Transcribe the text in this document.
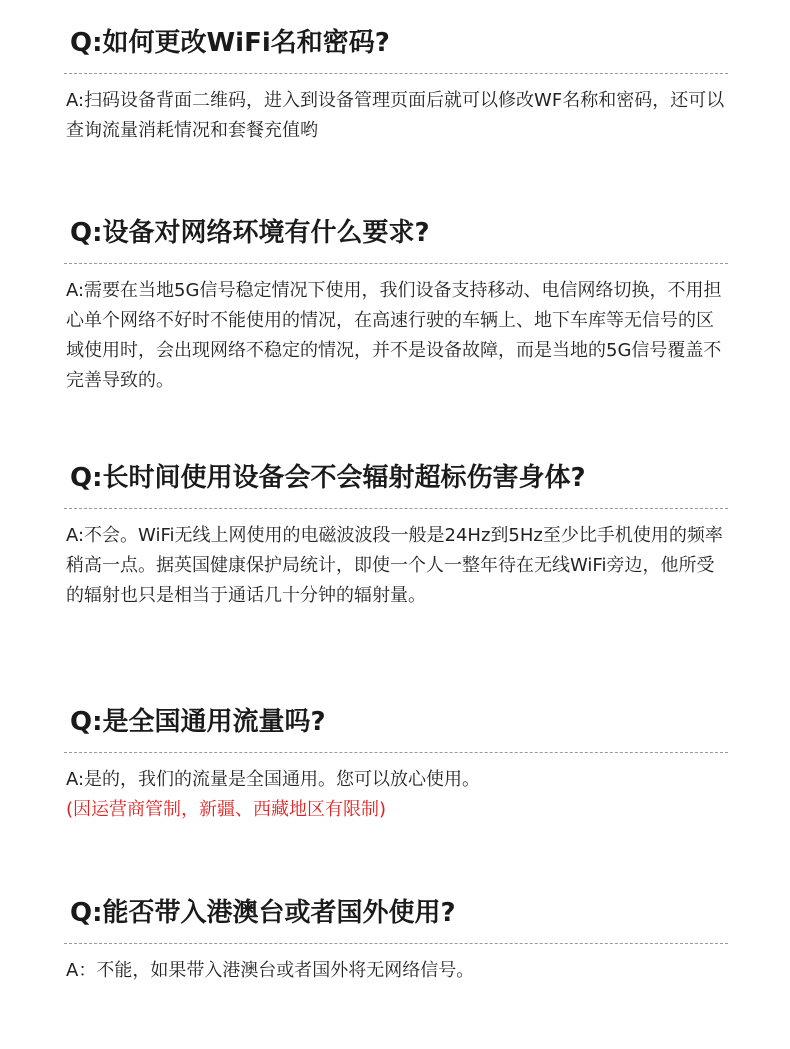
Q:如何更改WiFi名和密码?
A:扫码设备背面二维码，进入到设备管理页面后就可以修改WF名称和密码，还可以查询流量消耗情况和套餐充值哟
Q:设备对网络环境有什么要求?
A:需要在当地5G信号稳定情况下使用，我们设备支持移动、电信网络切换，不用担心单个网络不好时不能使用的情况，在高速行驶的车辆上、地下车库等无信号的区域使用时，会出现网络不稳定的情况，并不是设备故障，而是当地的5G信号覆盖不完善导致的。
Q:长时间使用设备会不会辐射超标伤害身体?
A:不会。WiFi无线上网使用的电磁波波段一般是24Hz到5Hz至少比手机使用的频率稍高一点。据英国健康保护局统计，即使一个人一整年待在无线WiFi旁边，他所受的辐射也只是相当于通话几十分钟的辐射量。
Q:是全国通用流量吗?
A:是的，我们的流量是全国通用。您可以放心使用。
(因运营商管制，新疆、西藏地区有限制)
Q:能否带入港澳台或者国外使用?
A：不能，如果带入港澳台或者国外将无网络信号。
